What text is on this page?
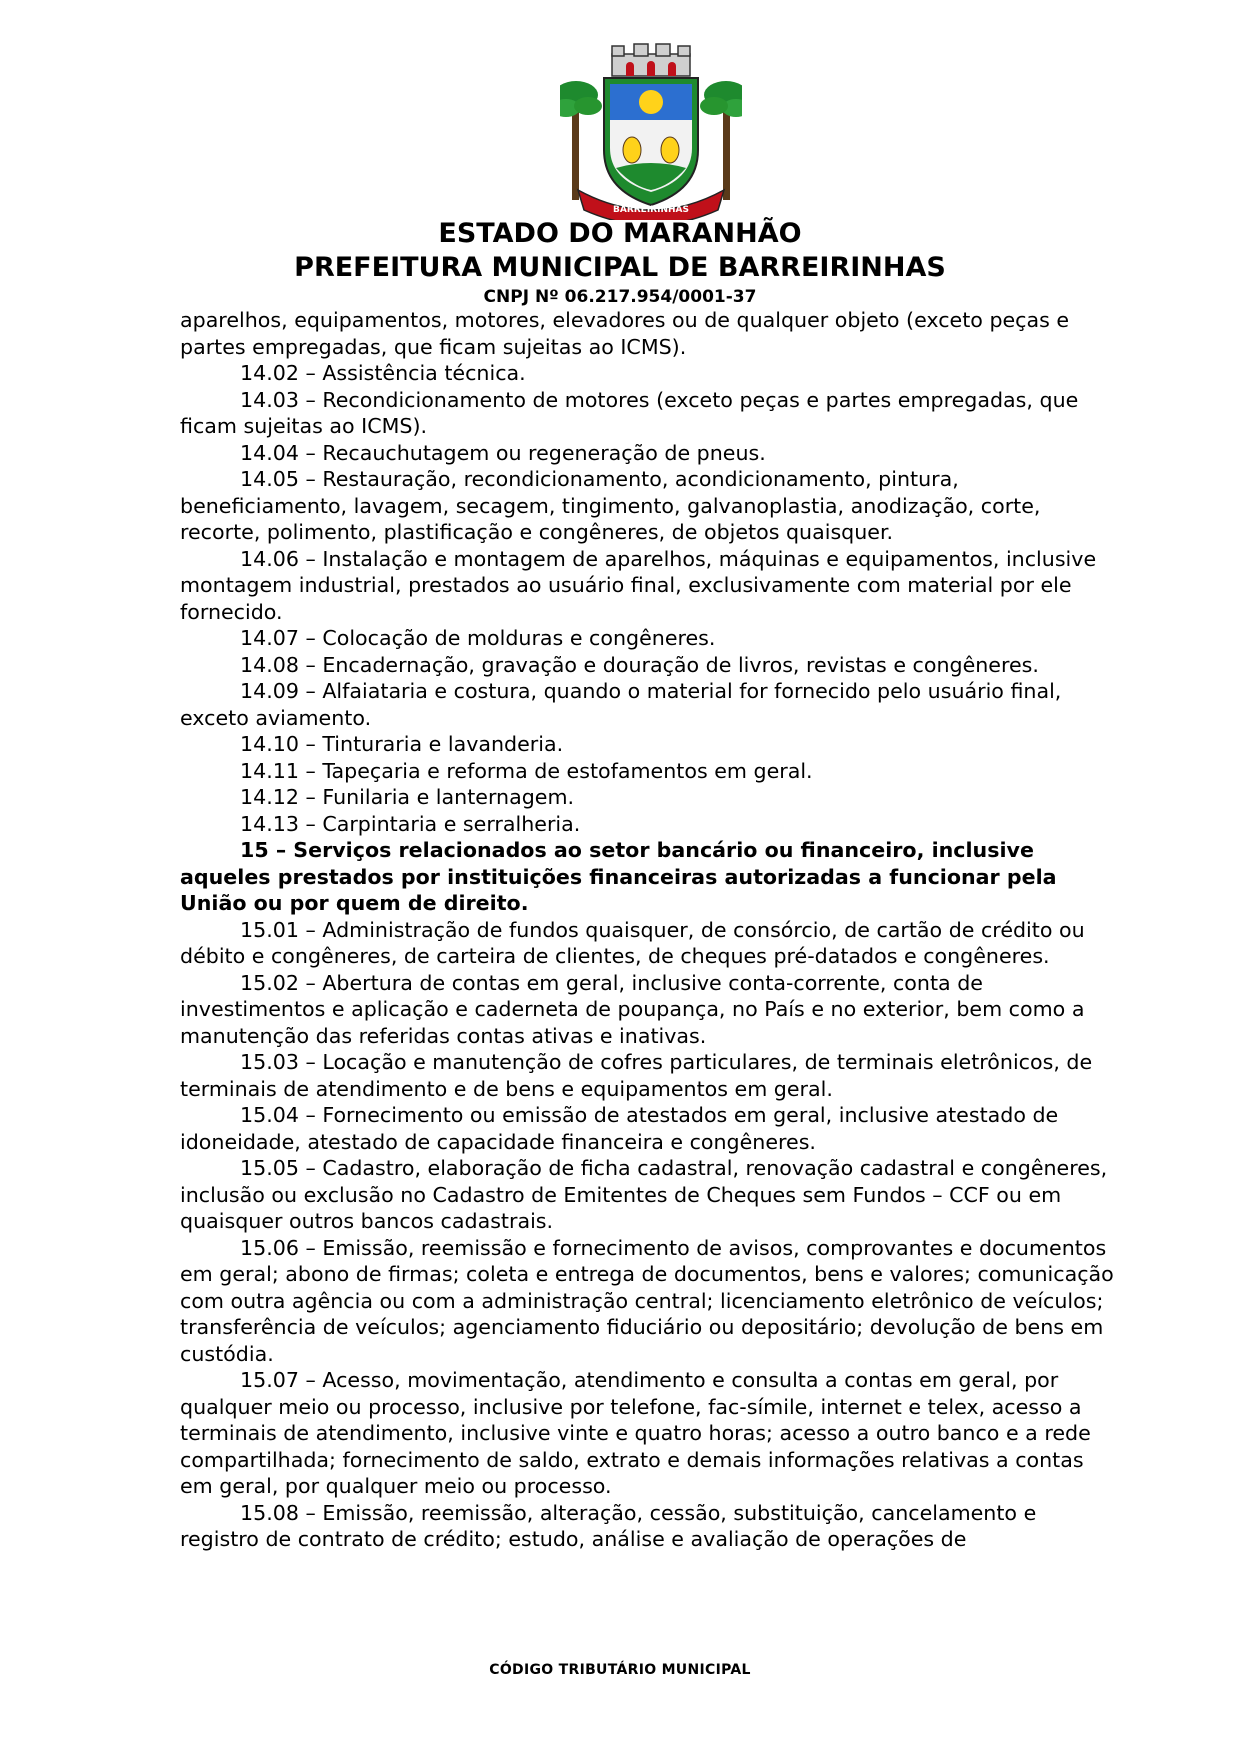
BARREIRINHAS
ESTADO DO MARANHÃO
PREFEITURA MUNICIPAL DE BARREIRINHAS
CNPJ Nº 06.217.954/0001-37

aparelhos, equipamentos, motores, elevadores ou de qualquer objeto (exceto peças e partes empregadas, que ficam sujeitas ao ICMS).

14.02 – Assistência técnica.

14.03 – Recondicionamento de motores (exceto peças e partes empregadas, que ficam sujeitas ao ICMS).

14.04 – Recauchutagem ou regeneração de pneus.

14.05 – Restauração, recondicionamento, acondicionamento, pintura, beneficiamento, lavagem, secagem, tingimento, galvanoplastia, anodização, corte, recorte, polimento, plastificação e congêneres, de objetos quaisquer.

14.06 – Instalação e montagem de aparelhos, máquinas e equipamentos, inclusive montagem industrial, prestados ao usuário final, exclusivamente com material por ele fornecido.

14.07 – Colocação de molduras e congêneres.

14.08 – Encadernação, gravação e douração de livros, revistas e congêneres.

14.09 – Alfaiataria e costura, quando o material for fornecido pelo usuário final, exceto aviamento.

14.10 – Tinturaria e lavanderia.

14.11 – Tapeçaria e reforma de estofamentos em geral.

14.12 – Funilaria e lanternagem.

14.13 – Carpintaria e serralheria.

15 – Serviços relacionados ao setor bancário ou financeiro, inclusive aqueles prestados por instituições financeiras autorizadas a funcionar pela União ou por quem de direito.

15.01 – Administração de fundos quaisquer, de consórcio, de cartão de crédito ou débito e congêneres, de carteira de clientes, de cheques pré-datados e congêneres.

15.02 – Abertura de contas em geral, inclusive conta-corrente, conta de investimentos e aplicação e caderneta de poupança, no País e no exterior, bem como a manutenção das referidas contas ativas e inativas.

15.03 – Locação e manutenção de cofres particulares, de terminais eletrônicos, de terminais de atendimento e de bens e equipamentos em geral.

15.04 – Fornecimento ou emissão de atestados em geral, inclusive atestado de idoneidade, atestado de capacidade financeira e congêneres.

15.05 – Cadastro, elaboração de ficha cadastral, renovação cadastral e congêneres, inclusão ou exclusão no Cadastro de Emitentes de Cheques sem Fundos – CCF ou em quaisquer outros bancos cadastrais.

15.06 – Emissão, reemissão e fornecimento de avisos, comprovantes e documentos em geral; abono de firmas; coleta e entrega de documentos, bens e valores; comunicação com outra agência ou com a administração central; licenciamento eletrônico de veículos; transferência de veículos; agenciamento fiduciário ou depositário; devolução de bens em custódia.

15.07 – Acesso, movimentação, atendimento e consulta a contas em geral, por qualquer meio ou processo, inclusive por telefone, fac-símile, internet e telex, acesso a terminais de atendimento, inclusive vinte e quatro horas; acesso a outro banco e a rede compartilhada; fornecimento de saldo, extrato e demais informações relativas a contas em geral, por qualquer meio ou processo.

15.08 – Emissão, reemissão, alteração, cessão, substituição, cancelamento e registro de contrato de crédito; estudo, análise e avaliação de operações de

CÓDIGO TRIBUTÁRIO MUNICIPAL
